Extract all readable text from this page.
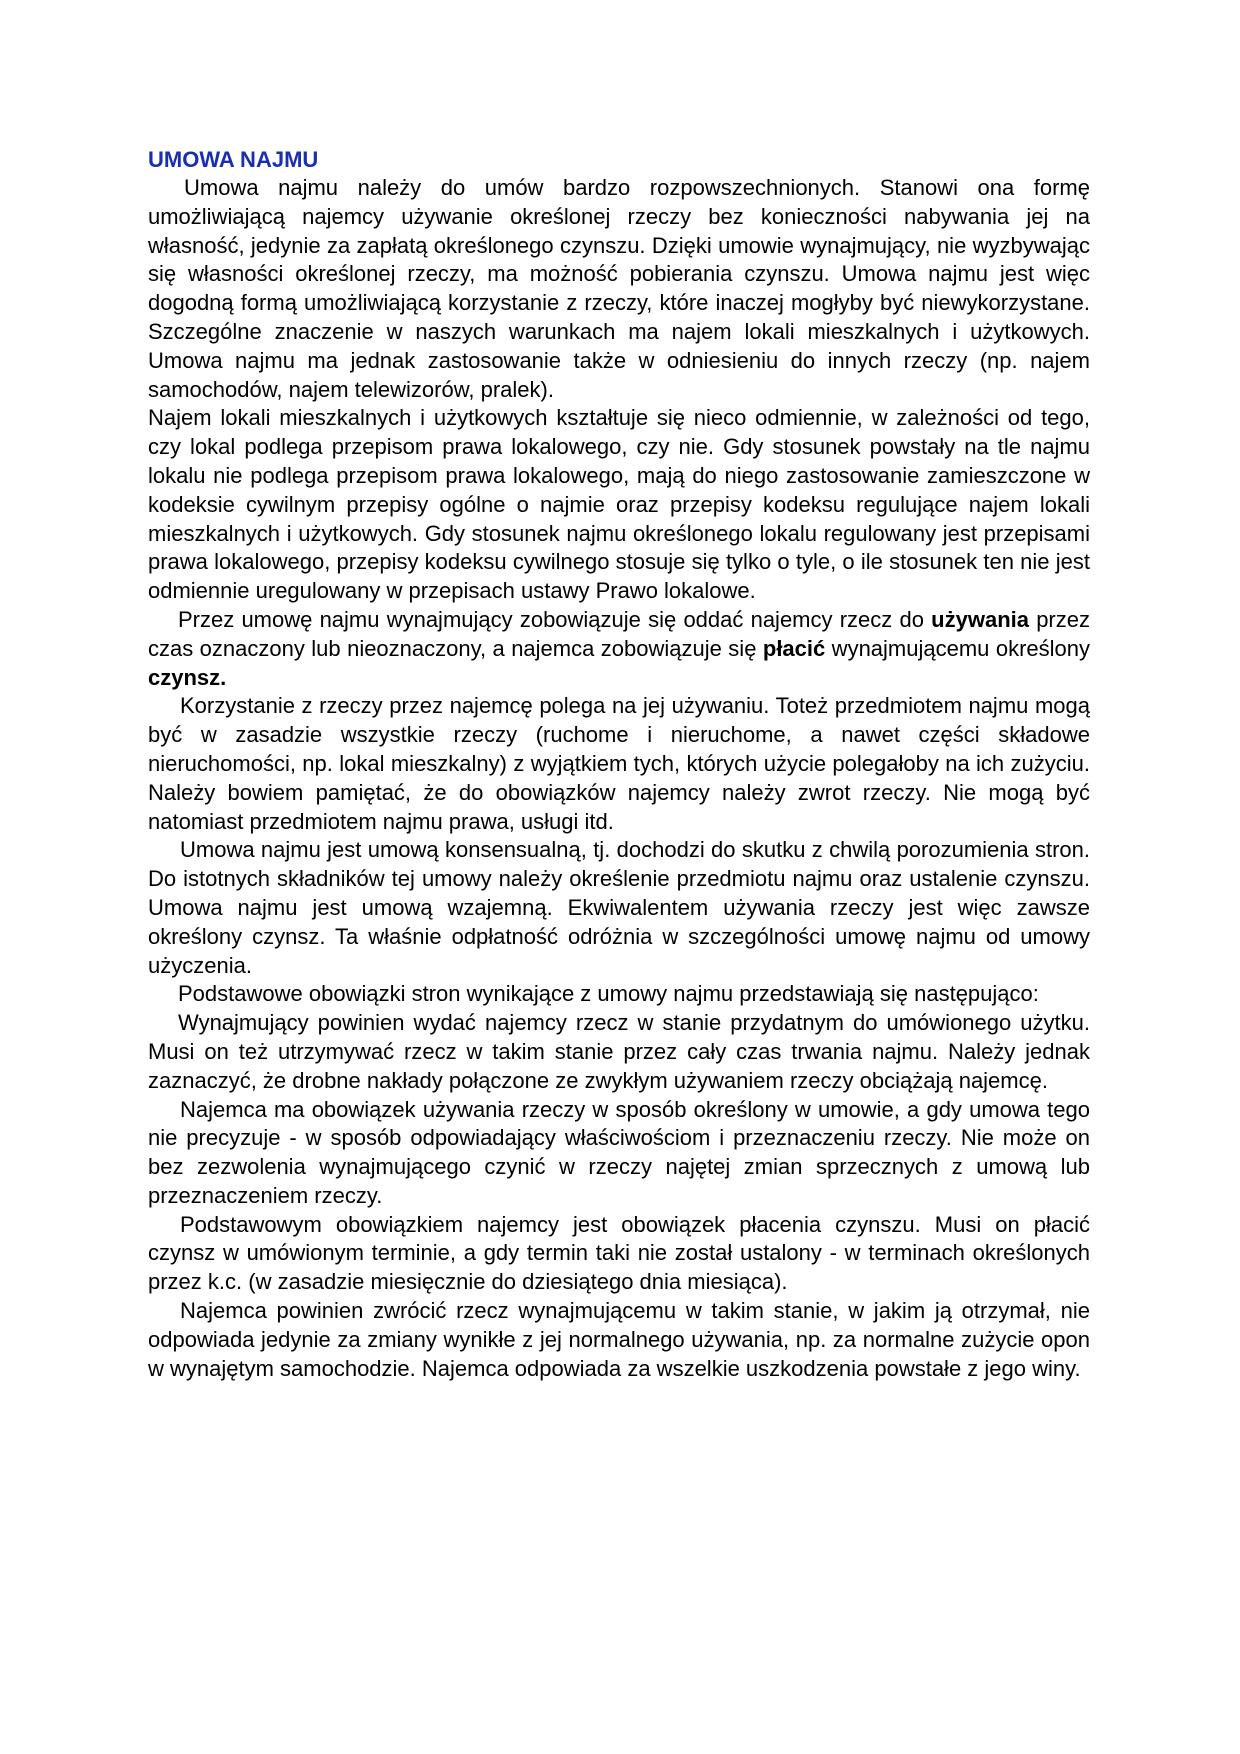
UMOWA NAJMU

Umowa najmu należy do umów bardzo rozpowszechnionych. Stanowi ona formę umożliwiającą najemcy używanie określonej rzeczy bez konieczności nabywania jej na własność, jedynie za zapłatą określonego czynszu. Dzięki umowie wynajmujący, nie wyzbywając się własności określonej rzeczy, ma możność pobierania czynszu. Umowa najmu jest więc dogodną formą umożliwiającą korzystanie z rzeczy, które inaczej mogłyby być niewykorzystane. Szczególne znaczenie w naszych warunkach ma najem lokali mieszkalnych i użytkowych. Umowa najmu ma jednak zastosowanie także w odniesieniu do innych rzeczy (np. najem samochodów, najem telewizorów, pralek).

Najem lokali mieszkalnych i użytkowych kształtuje się nieco odmiennie, w zależności od tego, czy lokal podlega przepisom prawa lokalowego, czy nie. Gdy stosunek powstały na tle najmu lokalu nie podlega przepisom prawa lokalowego, mają do niego zastosowanie zamieszczone w kodeksie cywilnym przepisy ogólne o najmie oraz przepisy kodeksu regulujące najem lokali mieszkalnych i użytkowych. Gdy stosunek najmu określonego lokalu regulowany jest przepisami prawa lokalowego, przepisy kodeksu cywilnego stosuje się tylko o tyle, o ile stosunek ten nie jest odmiennie uregulowany w przepisach ustawy Prawo lokalowe.

Przez umowę najmu wynajmujący zobowiązuje się oddać najemcy rzecz do używania przez czas oznaczony lub nieoznaczony, a najemca zobowiązuje się płacić wynajmującemu określony czynsz.

Korzystanie z rzeczy przez najemcę polega na jej używaniu. Toteż przedmiotem najmu mogą być w zasadzie wszystkie rzeczy (ruchome i nieruchome, a nawet części składowe nieruchomości, np. lokal mieszkalny) z wyjątkiem tych, których użycie polegałoby na ich zużyciu. Należy bowiem pamiętać, że do obowiązków najemcy należy zwrot rzeczy. Nie mogą być natomiast przedmiotem najmu prawa, usługi itd.

Umowa najmu jest umową konsensualną, tj. dochodzi do skutku z chwilą porozumienia stron. Do istotnych składników tej umowy należy określenie przedmiotu najmu oraz ustalenie czynszu. Umowa najmu jest umową wzajemną. Ekwiwalentem używania rzeczy jest więc zawsze określony czynsz. Ta właśnie odpłatność odróżnia w szczególności umowę najmu od umowy użyczenia.

Podstawowe obowiązki stron wynikające z umowy najmu przedstawiają się następująco:

Wynajmujący powinien wydać najemcy rzecz w stanie przydatnym do umówionego użytku. Musi on też utrzymywać rzecz w takim stanie przez cały czas trwania najmu. Należy jednak zaznaczyć, że drobne nakłady połączone ze zwykłym używaniem rzeczy obciążają najemcę.

Najemca ma obowiązek używania rzeczy w sposób określony w umowie, a gdy umowa tego nie precyzuje - w sposób odpowiadający właściwościom i przeznaczeniu rzeczy. Nie może on bez zezwolenia wynajmującego czynić w rzeczy najętej zmian sprzecznych z umową lub przeznaczeniem rzeczy.

Podstawowym obowiązkiem najemcy jest obowiązek płacenia czynszu. Musi on płacić czynsz w umówionym terminie, a gdy termin taki nie został ustalony - w terminach określonych przez k.c. (w zasadzie miesięcznie do dziesiątego dnia miesiąca).

Najemca powinien zwrócić rzecz wynajmującemu w takim stanie, w jakim ją otrzymał, nie odpowiada jedynie za zmiany wynikłe z jej normalnego używania, np. za normalne zużycie opon w wynajętym samochodzie. Najemca odpowiada za wszelkie uszkodzenia powstałe z jego winy.
